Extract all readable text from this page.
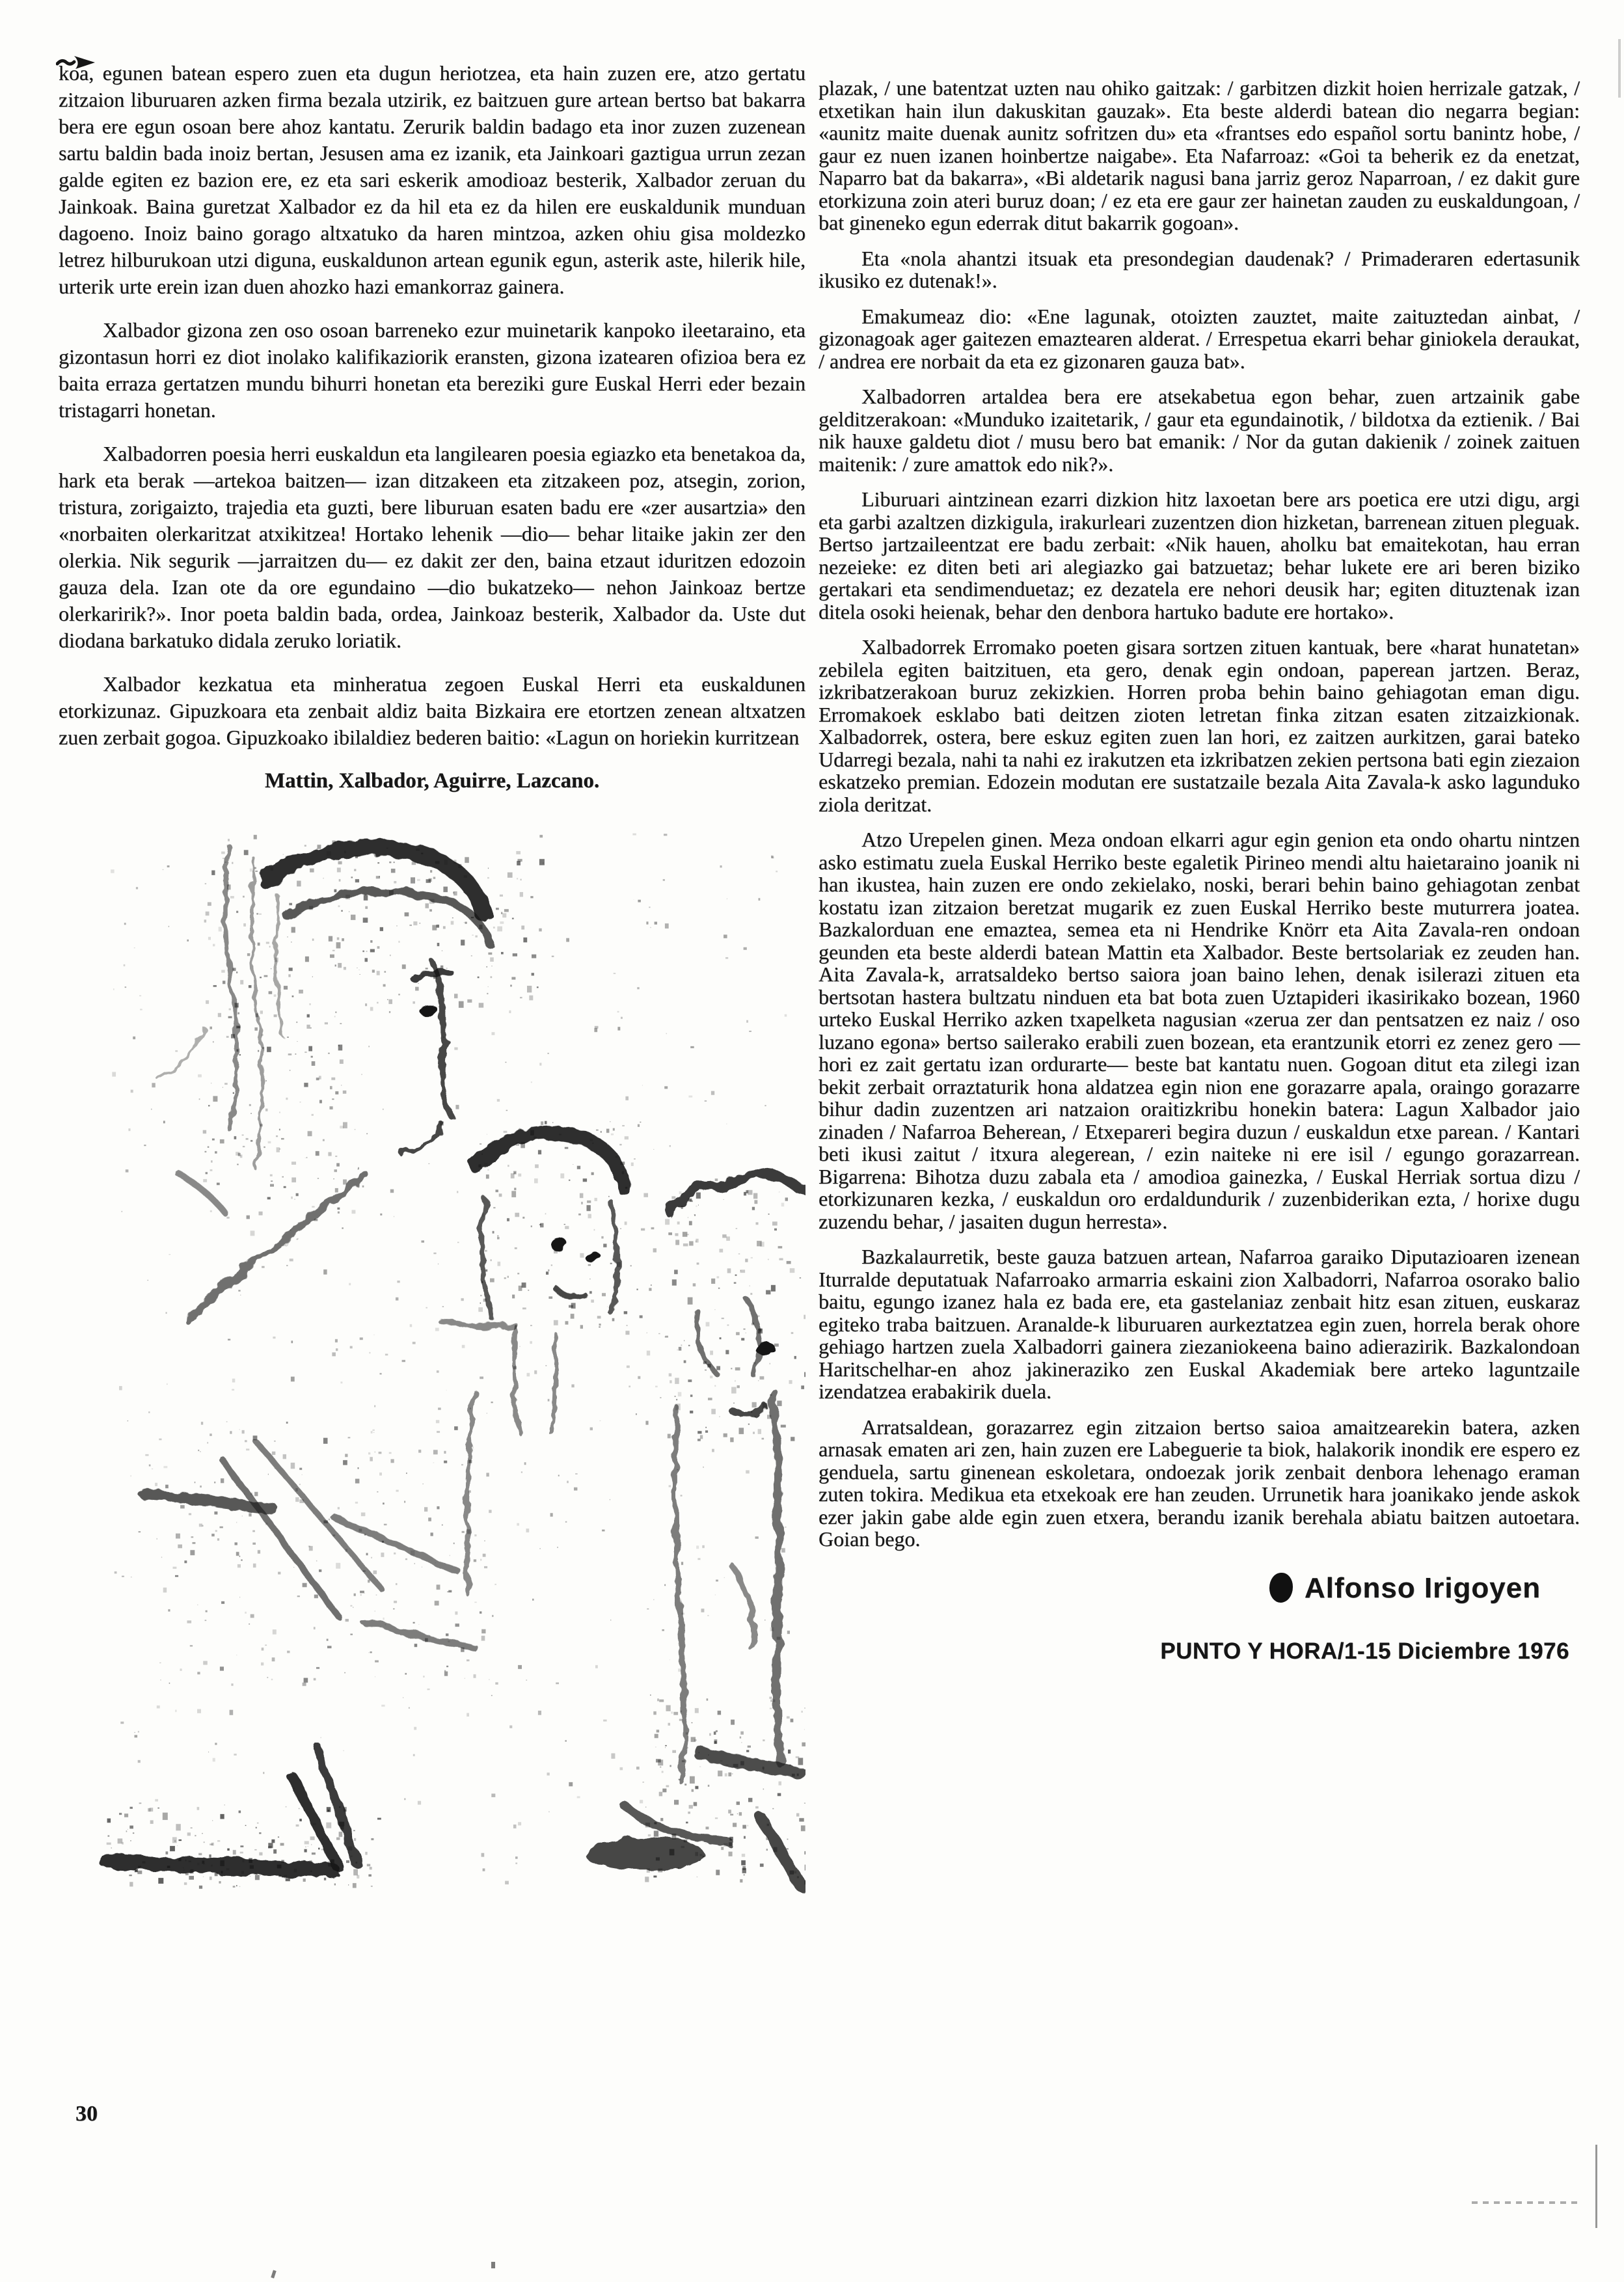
koa, egunen batean espero zuen eta dugun heriotzea, eta hain zuzen ere, atzo gertatu zitzaion liburuaren azken firma bezala utzirik, ez baitzuen gure artean bertso bat bakarra bera ere egun osoan bere ahoz kantatu. Zerurik baldin badago eta inor zuzen zuzenean sartu baldin bada inoiz bertan, Jesusen ama ez izanik, eta Jainkoari gaztigua urrun zezan galde egiten ez bazion ere, ez eta sari eskerik amodioaz besterik, Xalbador zeruan du Jainkoak. Baina guretzat Xalbador ez da hil eta ez da hilen ere euskaldunik munduan dagoeno. Inoiz baino gorago altxatuko da haren mintzoa, azken ohiu gisa moldezko letrez hilburukoan utzi diguna, euskaldunon artean egunik egun, asterik aste, hilerik hile, urterik urte erein izan duen ahozko hazi emankorraz gainera.

Xalbador gizona zen oso osoan barreneko ezur muinetarik kanpoko ileetaraino, eta gizontasun horri ez diot inolako kalifikaziorik eransten, gizona izatearen ofizioa bera ez baita erraza gertatzen mundu bihurri honetan eta bereziki gure Euskal Herri eder bezain tristagarri honetan.

Xalbadorren poesia herri euskaldun eta langilearen poesia egiazko eta benetakoa da, hark eta berak —artekoa baitzen— izan ditzakeen eta zitzakeen poz, atsegin, zorion, tristura, zorigaizto, trajedia eta guzti, bere liburuan esaten badu ere «zer ausartzia» den «norbaiten olerkaritzat atxikitzea! Hortako lehenik —dio— behar litaike jakin zer den olerkia. Nik segurik —jarraitzen du— ez dakit zer den, baina etzaut iduritzen edozoin gauza dela. Izan ote da ore egundaino —dio bukatzeko— nehon Jainkoaz bertze olerkaririk?». Inor poeta baldin bada, ordea, Jainkoaz besterik, Xalbador da. Uste dut diodana barkatuko didala zeruko loriatik.

Xalbador kezkatua eta minheratua zegoen Euskal Herri eta euskaldunen etorkizunaz. Gipuzkoara eta zenbait aldiz baita Bizkaira ere etortzen zenean altxatzen zuen zerbait gogoa. Gipuzkoako ibilaldiez bederen baitio: «Lagun on horiekin kurritzean

Mattin, Xalbador, Aguirre, Lazcano.

30

plazak, / une batentzat uzten nau ohiko gaitzak: / garbitzen dizkit hoien herrizale gatzak, / etxetikan hain ilun dakuskitan gauzak». Eta beste alderdi batean dio negarra begian: «aunitz maite duenak aunitz sofritzen du» eta «frantses edo español sortu banintz hobe, / gaur ez nuen izanen hoinbertze naigabe». Eta Nafarroaz: «Goi ta beherik ez da enetzat, Naparro bat da bakarra», «Bi aldetarik nagusi bana jarriz geroz Naparroan, / ez dakit gure etorkizuna zoin ateri buruz doan; / ez eta ere gaur zer hainetan zauden zu euskaldungoan, / bat gineneko egun ederrak ditut bakarrik gogoan».

Eta «nola ahantzi itsuak eta presondegian daudenak? / Primaderaren edertasunik ikusiko ez dutenak!».

Emakumeaz dio: «Ene lagunak, otoizten zauztet, maite zaituztedan ainbat, / gizonagoak ager gaitezen emaztearen alderat. / Errespetua ekarri behar giniokela deraukat, / andrea ere norbait da eta ez gizonaren gauza bat».

Xalbadorren artaldea bera ere atsekabetua egon behar, zuen artzainik gabe gelditzerakoan: «Munduko izaitetarik, / gaur eta egundainotik, / bildotxa da eztienik. / Bai nik hauxe galdetu diot / musu bero bat emanik: / Nor da gutan dakienik / zoinek zaituen maitenik: / zure amattok edo nik?».

Liburuari aintzinean ezarri dizkion hitz laxoetan bere ars poetica ere utzi digu, argi eta garbi azaltzen dizkigula, irakurleari zuzentzen dion hizketan, barrenean zituen pleguak. Bertso jartzaileentzat ere badu zerbait: «Nik hauen, aholku bat emaitekotan, hau erran nezeieke: ez diten beti ari alegiazko gai batzuetaz; behar lukete ere ari beren biziko gertakari eta sendimenduetaz; ez dezatela ere nehori deusik har; egiten dituztenak izan ditela osoki heienak, behar den denbora hartuko badute ere hortako».

Xalbadorrek Erromako poeten gisara sortzen zituen kantuak, bere «harat hunatetan» zebilela egiten baitzituen, eta gero, denak egin ondoan, paperean jartzen. Beraz, izkribatzerakoan buruz zekizkien. Horren proba behin baino gehiagotan eman digu. Erromakoek esklabo bati deitzen zioten letretan finka zitzan esaten zitzaizkionak. Xalbadorrek, ostera, bere eskuz egiten zuen lan hori, ez zaitzen aurkitzen, garai bateko Udarregi bezala, nahi ta nahi ez irakutzen eta izkribatzen zekien pertsona bati egin ziezaion eskatzeko premian. Edozein modutan ere sustatzaile bezala Aita Zavala-k asko lagunduko ziola deritzat.

Atzo Urepelen ginen. Meza ondoan elkarri agur egin genion eta ondo ohartu nintzen asko estimatu zuela Euskal Herriko beste egaletik Pirineo mendi altu haietaraino joanik ni han ikustea, hain zuzen ere ondo zekielako, noski, berari behin baino gehiagotan zenbat kostatu izan zitzaion beretzat mugarik ez zuen Euskal Herriko beste muturrera joatea. Bazkalorduan ene emaztea, semea eta ni Hendrike Knörr eta Aita Zavala-ren ondoan geunden eta beste alderdi batean Mattin eta Xalbador. Beste bertsolariak ez zeuden han. Aita Zavala-k, arratsaldeko bertso saiora joan baino lehen, denak isilerazi zituen eta bertsotan hastera bultzatu ninduen eta bat bota zuen Uztapideri ikasirikako bozean, 1960 urteko Euskal Herriko azken txapelketa nagusian «zerua zer dan pentsatzen ez naiz / oso luzano egona» bertso sailerako erabili zuen bozean, eta erantzunik etorri ez zenez gero —hori ez zait gertatu izan ordurarte— beste bat kantatu nuen. Gogoan ditut eta zilegi izan bekit zerbait orraztaturik hona aldatzea egin nion ene gorazarre apala, oraingo gorazarre bihur dadin zuzentzen ari natzaion oraitizkribu honekin batera: Lagun Xalbador jaio zinaden / Nafarroa Beherean, / Etxepareri begira duzun / euskaldun etxe parean. / Kantari beti ikusi zaitut / itxura alegerean, / ezin naiteke ni ere isil / egungo gorazarrean. Bigarrena: Bihotza duzu zabala eta / amodioa gainezka, / Euskal Herriak sortua dizu / etorkizunaren kezka, / euskaldun oro erdaldundurik / zuzenbiderikan ezta, / horixe dugu zuzendu behar, / jasaiten dugun herresta».

Bazkalaurretik, beste gauza batzuen artean, Nafarroa garaiko Diputazioaren izenean Iturralde deputatuak Nafarroako armarria eskaini zion Xalbadorri, Nafarroa osorako balio baitu, egungo izanez hala ez bada ere, eta gastelaniaz zenbait hitz esan zituen, euskaraz egiteko traba baitzuen. Aranalde-k liburuaren aurkeztatzea egin zuen, horrela berak ohore gehiago hartzen zuela Xalbadorri gainera ziezaniokeena baino adierazirik. Bazkalondoan Haritschelhar-en ahoz jakineraziko zen Euskal Akademiak bere arteko laguntzaile izendatzea erabakirik duela.

Arratsaldean, gorazarrez egin zitzaion bertso saioa amaitzearekin batera, azken arnasak ematen ari zen, hain zuzen ere Labeguerie ta biok, halakorik inondik ere espero ez genduela, sartu ginenean eskoletara, ondoezak jorik zenbait denbora lehenago eraman zuten tokira. Medikua eta etxekoak ere han zeuden. Urrunetik hara joanikako jende askok ezer jakin gabe alde egin zuen etxera, berandu izanik berehala abiatu baitzen autoetara. Goian bego.

Alfonso Irigoyen
PUNTO Y HORA/1-15 Diciembre 1976
